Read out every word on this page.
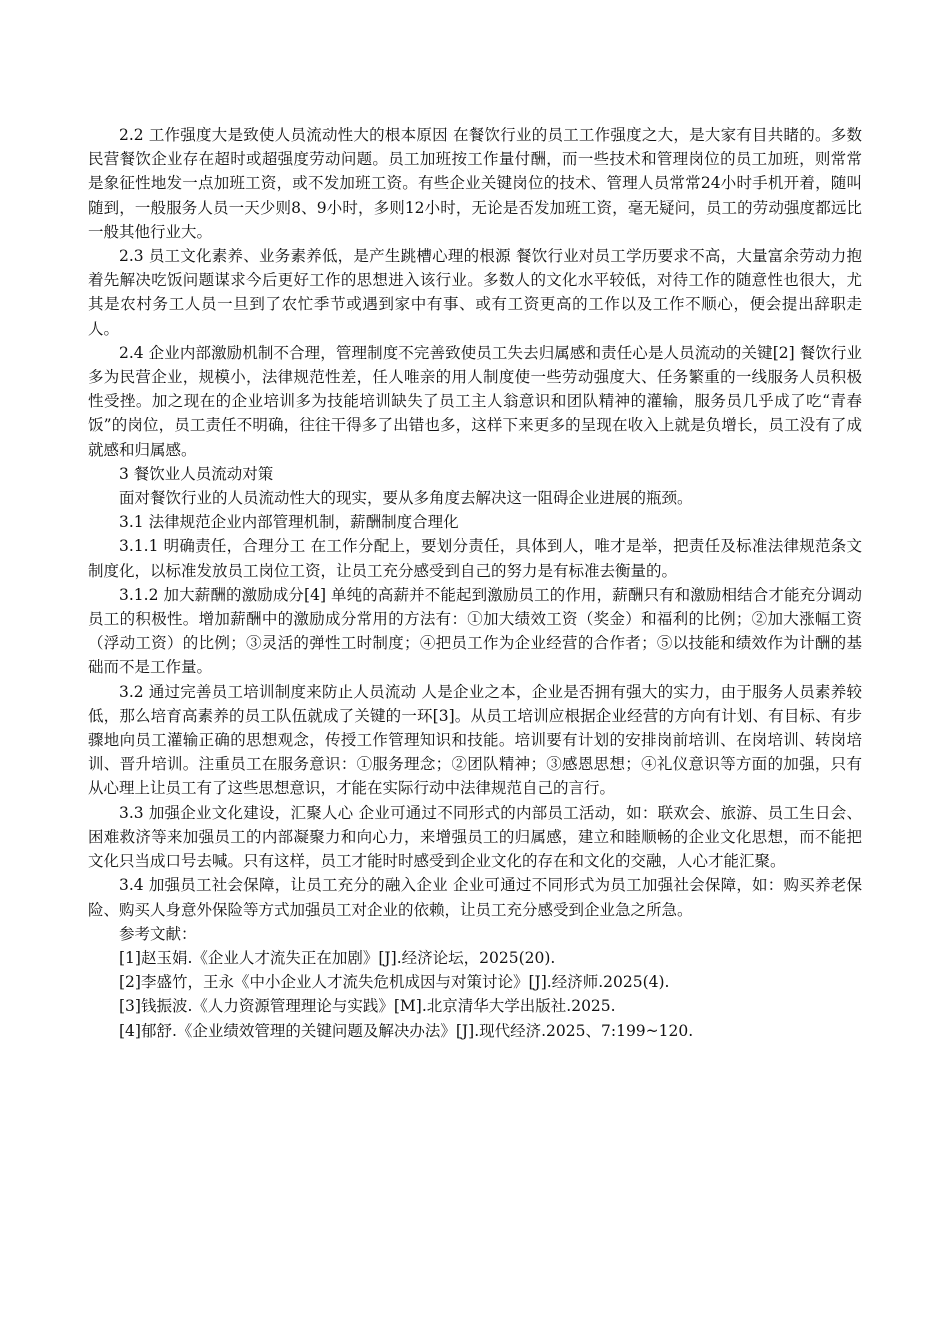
2.2 工作强度大是致使人员流动性大的根本原因 在餐饮行业的员工工作强度之大，是大家有目共睹的。多数民营餐饮企业存在超时或超强度劳动问题。员工加班按工作量付酬，而一些技术和管理岗位的员工加班，则常常是象征性地发一点加班工资，或不发加班工资。有些企业关键岗位的技术、管理人员常常24小时手机开着，随叫随到，一般服务人员一天少则8、9小时，多则12小时，无论是否发加班工资，毫无疑问，员工的劳动强度都远比一般其他行业大。

2.3 员工文化素养、业务素养低，是产生跳槽心理的根源 餐饮行业对员工学历要求不高，大量富余劳动力抱着先解决吃饭问题谋求今后更好工作的思想进入该行业。多数人的文化水平较低，对待工作的随意性也很大，尤其是农村务工人员一旦到了农忙季节或遇到家中有事、或有工资更高的工作以及工作不顺心，便会提出辞职走人。

2.4 企业内部激励机制不合理，管理制度不完善致使员工失去归属感和责任心是人员流动的关键[2] 餐饮行业多为民营企业，规模小，法律规范性差，任人唯亲的用人制度使一些劳动强度大、任务繁重的一线服务人员积极性受挫。加之现在的企业培训多为技能培训缺失了员工主人翁意识和团队精神的灌输，服务员几乎成了吃“青春饭”的岗位，员工责任不明确，往往干得多了出错也多，这样下来更多的呈现在收入上就是负增长，员工没有了成就感和归属感。

3 餐饮业人员流动对策

面对餐饮行业的人员流动性大的现实，要从多角度去解决这一阻碍企业进展的瓶颈。

3.1 法律规范企业内部管理机制，薪酬制度合理化

3.1.1 明确责任，合理分工 在工作分配上，要划分责任，具体到人，唯才是举，把责任及标准法律规范条文制度化，以标准发放员工岗位工资，让员工充分感受到自己的努力是有标准去衡量的。

3.1.2 加大薪酬的激励成分[4] 单纯的高薪并不能起到激励员工的作用，薪酬只有和激励相结合才能充分调动员工的积极性。增加薪酬中的激励成分常用的方法有：①加大绩效工资（奖金）和福利的比例；②加大涨幅工资（浮动工资）的比例；③灵活的弹性工时制度；④把员工作为企业经营的合作者；⑤以技能和绩效作为计酬的基础而不是工作量。

3.2 通过完善员工培训制度来防止人员流动 人是企业之本，企业是否拥有强大的实力，由于服务人员素养较低，那么培育高素养的员工队伍就成了关键的一环[3]。从员工培训应根据企业经营的方向有计划、有目标、有步骤地向员工灌输正确的思想观念，传授工作管理知识和技能。培训要有计划的安排岗前培训、在岗培训、转岗培训、晋升培训。注重员工在服务意识：①服务理念；②团队精神；③感恩思想；④礼仪意识等方面的加强，只有从心理上让员工有了这些思想意识，才能在实际行动中法律规范自己的言行。

3.3 加强企业文化建设，汇聚人心 企业可通过不同形式的内部员工活动，如：联欢会、旅游、员工生日会、困难救济等来加强员工的内部凝聚力和向心力，来增强员工的归属感，建立和睦顺畅的企业文化思想，而不能把文化只当成口号去喊。只有这样，员工才能时时感受到企业文化的存在和文化的交融，人心才能汇聚。

3.4 加强员工社会保障，让员工充分的融入企业 企业可通过不同形式为员工加强社会保障，如：购买养老保险、购买人身意外保险等方式加强员工对企业的依赖，让员工充分感受到企业急之所急。

参考文献：

[1]赵玉娟.《企业人才流失正在加剧》[J].经济论坛，2025(20).

[2]李盛竹，王永《中小企业人才流失危机成因与对策讨论》[J].经济师.2025(4).

[3]钱振波.《人力资源管理理论与实践》[M].北京清华大学出版社.2025.

[4]郁舒.《企业绩效管理的关键问题及解决办法》[J].现代经济.2025、7:199~120.
